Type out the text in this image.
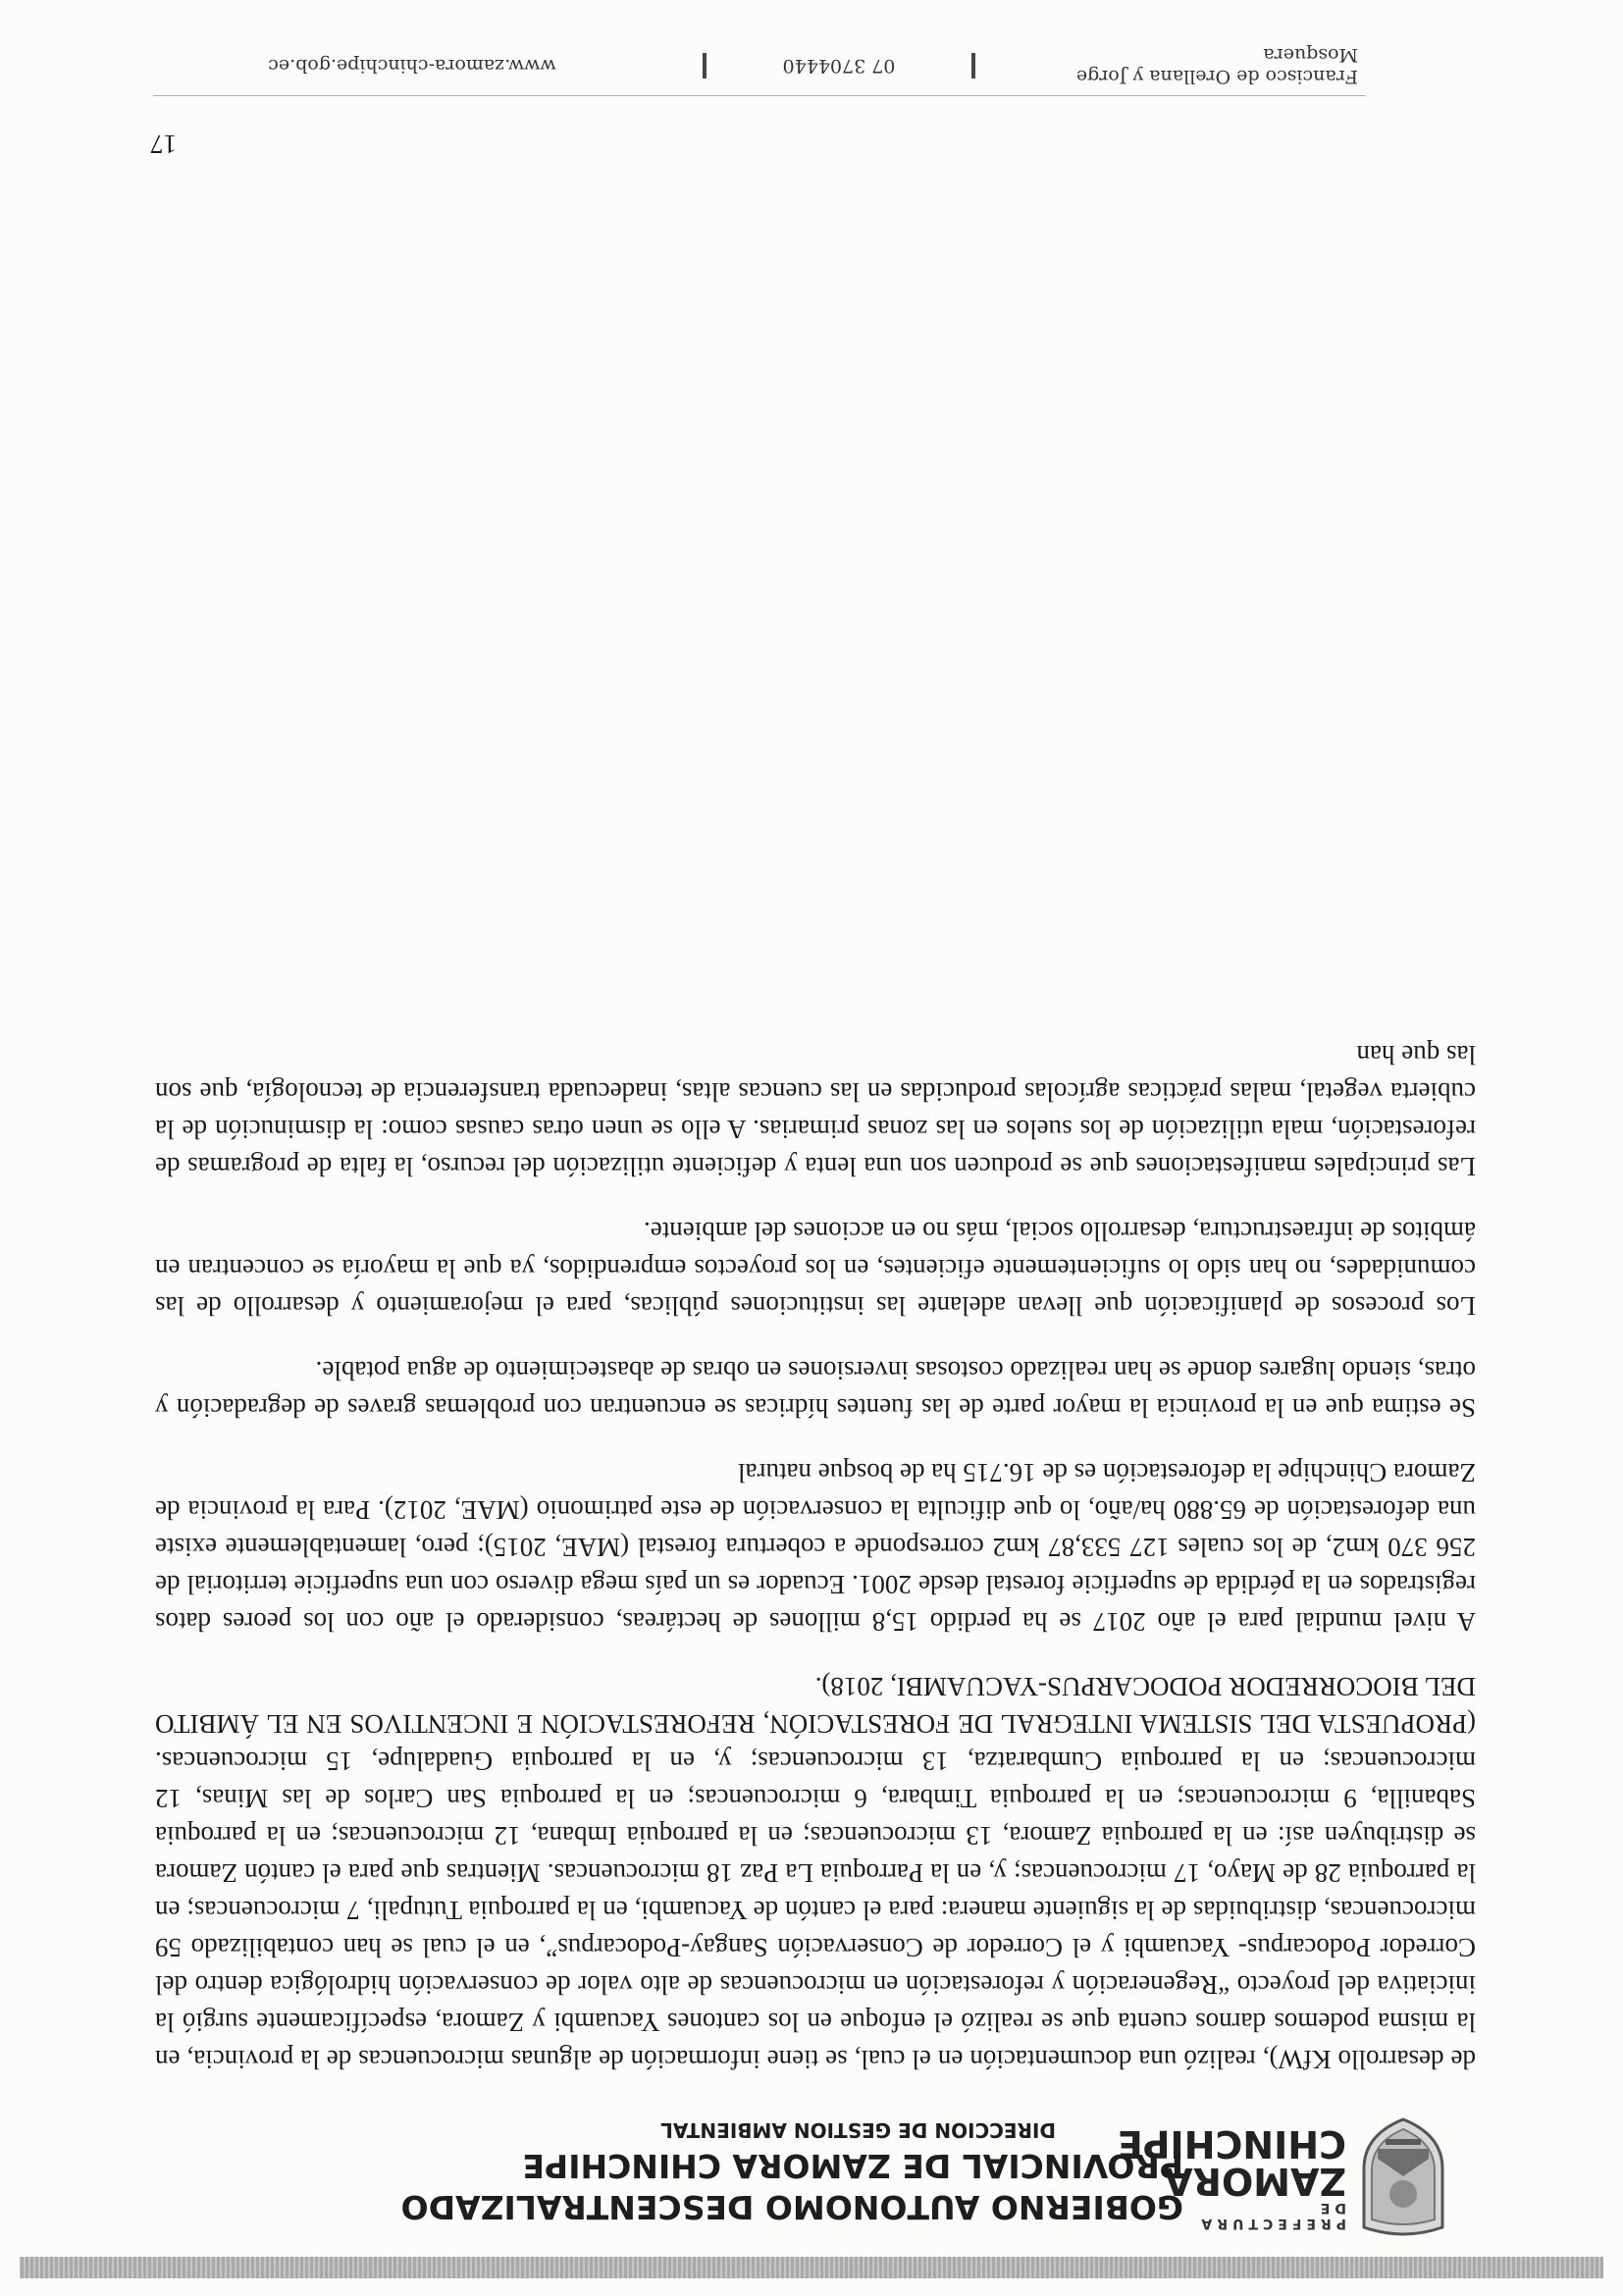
PREFECTURA DE
ZAMORA
CHINCHIPE
GOBIERNO AUTONOMO DESCENTRALIZADO
PROVINCIAL DE ZAMORA CHINCHIPE
DIRECCION DE GESTION AMBIENTAL

de desarrollo KfW), realizó una documentación en el cual, se tiene información de algunas microcuencas de la provincia, en la misma podemos darnos cuenta que se realizó el enfoque en los cantones Yacuambi y Zamora, específicamente surgió la iniciativa del proyecto “Regeneración y reforestación en microcuencas de alto valor de conservación hidrológica dentro del Corredor Podocarpus- Yacuambi y el Corredor de Conservación Sangay-Podocarpus”, en el cual se han contabilizado 59 microcuencas, distribuidas de la siguiente manera: para el cantón de Yacuambi, en la parroquia Tutupali, 7 microcuencas; en la parroquia 28 de Mayo, 17 microcuencas; y, en la Parroquia La Paz 18 microcuencas. Mientras que para el cantón Zamora se distribuyen así: en la parroquia Zamora, 13 microcuencas; en la parroquia Imbana, 12 microcuencas; en la parroquia Sabanilla, 9 microcuencas; en la parroquia Timbara, 6 microcuencas; en la parroquia San Carlos de las Minas, 12 microcuencas; en la parroquia Cumbaratza, 13 microcuencas; y, en la parroquia Guadalupe, 15 microcuencas. (PROPUESTA DEL SISTEMA INTEGRAL DE FORESTACIÓN, REFORESTACIÓN E INCENTIVOS EN EL ÁMBITO DEL BIOCORREDOR PODOCARPUS-YACUAMBI, 2018).

A nivel mundial para el año 2017 se ha perdido 15,8 millones de hectáreas, considerado el año con los peores datos registrados en la pérdida de superficie forestal desde 2001. Ecuador es un país mega diverso con una superficie territorial de 256 370 km2, de los cuales 127 533,87 km2 corresponde a cobertura forestal (MAE, 2015); pero, lamentablemente existe una deforestación de 65.880 ha/año, lo que dificulta la conservación de este patrimonio (MAE, 2012). Para la provincia de Zamora Chinchipe la deforestación es de 16.715 ha de bosque natural

Se estima que en la provincia la mayor parte de las fuentes hídricas se encuentran con problemas graves de degradación y otras, siendo lugares donde se han realizado costosas inversiones en obras de abastecimiento de agua potable.

Los procesos de planificación que llevan adelante las instituciones públicas, para el mejoramiento y desarrollo de las comunidades, no han sido lo suficientemente eficientes, en los proyectos emprendidos, ya que la mayoría se concentran en ámbitos de infraestructura, desarrollo social, más no en acciones del ambiente.

Las principales manifestaciones que se producen son una lenta y deficiente utilización del recurso, la falta de programas de reforestación, mala utilización de los suelos en las zonas primarias. A ello se unen otras causas como: la disminución de la cubierta vegetal, malas prácticas agrícolas producidas en las cuencas altas, inadecuada transferencia de tecnología, que son las que han

17
Francisco de Orellana y Jorge Mosquera
07 3704440
www.zamora-chinchipe.gob.ec
